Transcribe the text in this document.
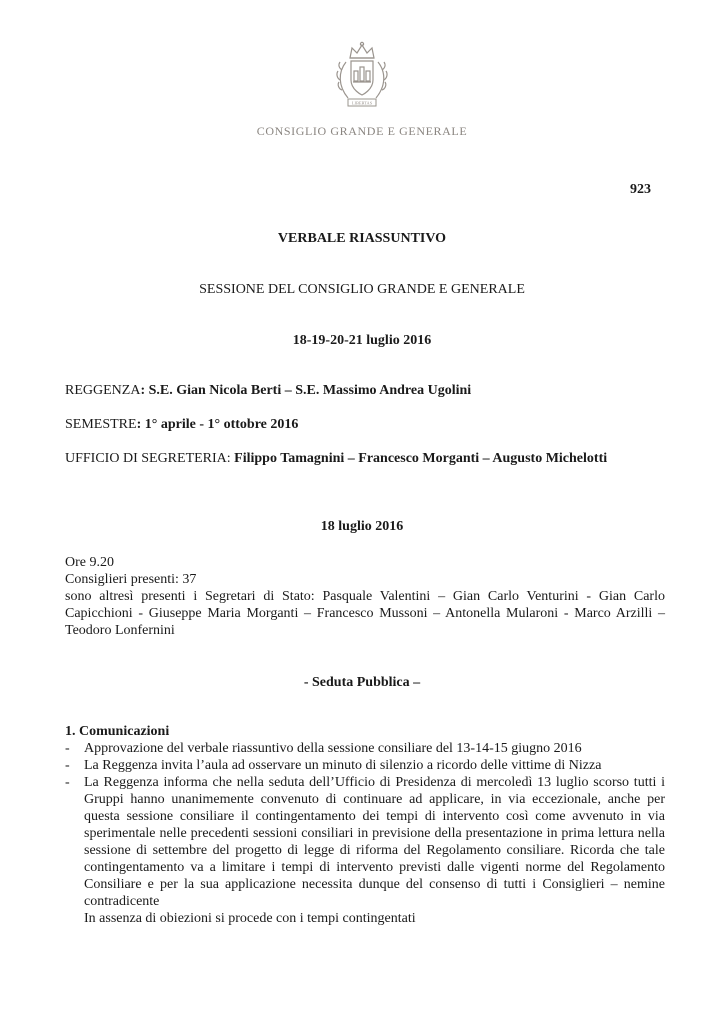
LIBERTAS
CONSIGLIO GRANDE E GENERALE
923
VERBALE RIASSUNTIVO
SESSIONE DEL CONSIGLIO GRANDE E GENERALE
18-19-20-21 luglio 2016
REGGENZA: S.E. Gian Nicola Berti – S.E. Massimo Andrea Ugolini
SEMESTRE: 1° aprile - 1° ottobre 2016
UFFICIO DI SEGRETERIA: Filippo Tamagnini – Francesco Morganti – Augusto Michelotti
18 luglio 2016
Ore 9.20
Consiglieri presenti: 37
sono altresì presenti i Segretari di Stato: Pasquale Valentini – Gian Carlo Venturini - Gian Carlo Capicchioni - Giuseppe Maria Morganti – Francesco Mussoni – Antonella Mularoni - Marco Arzilli – Teodoro Lonfernini
- Seduta Pubblica –
1. Comunicazioni
- Approvazione del verbale riassuntivo della sessione consiliare del 13-14-15 giugno 2016
- La Reggenza invita l’aula ad osservare un minuto di silenzio a ricordo delle vittime di Nizza
- La Reggenza informa che nella seduta dell’Ufficio di Presidenza di mercoledì 13 luglio scorso tutti i Gruppi hanno unanimemente convenuto di continuare ad applicare, in via eccezionale, anche per questa sessione consiliare il contingentamento dei tempi di intervento così come avvenuto in via sperimentale nelle precedenti sessioni consiliari in previsione della presentazione in prima lettura nella sessione di settembre del progetto di legge di riforma del Regolamento consiliare. Ricorda che tale contingentamento va a limitare i tempi di intervento previsti dalle vigenti norme del Regolamento Consiliare e per la sua applicazione necessita dunque del consenso di tutti i Consiglieri – nemine contradicente
In assenza di obiezioni si procede con i tempi contingentati
